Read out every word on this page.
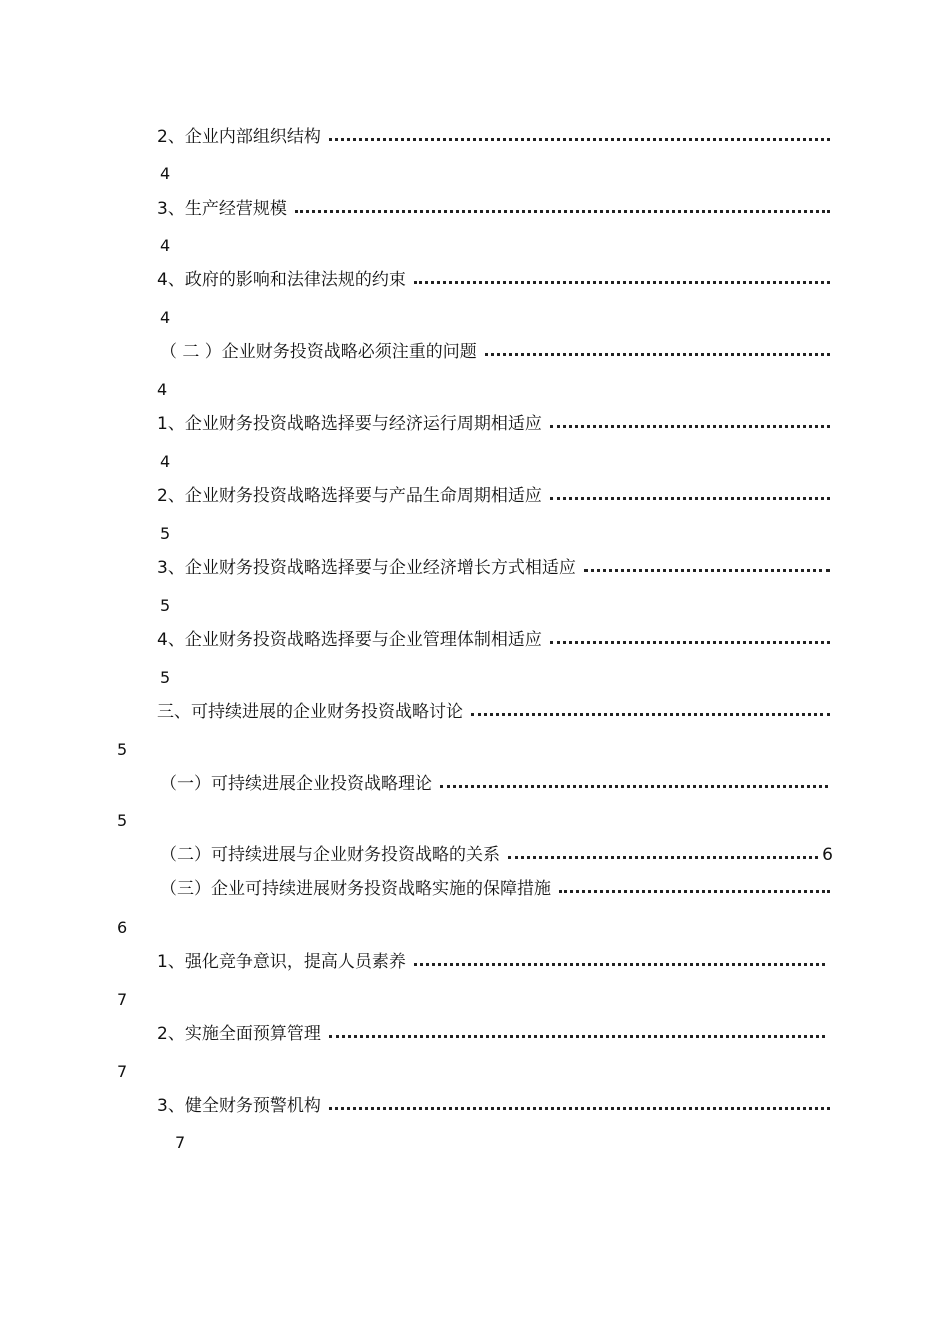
2、企业内部组织结构
4
3、生产经营规模
4
4、政府的影响和法律法规的约束
4
（ 二 ）企业财务投资战略必须注重的问题
4
1、企业财务投资战略选择要与经济运行周期相适应
4
2、企业财务投资战略选择要与产品生命周期相适应
5
3、企业财务投资战略选择要与企业经济增长方式相适应
5
4、企业财务投资战略选择要与企业管理体制相适应
5
三、可持续进展的企业财务投资战略讨论
5
（一）可持续进展企业投资战略理论
5
（二）可持续进展与企业财务投资战略的关系	6
（三）企业可持续进展财务投资战略实施的保障措施
6
1、强化竞争意识，提高人员素养
7
2、实施全面预算管理
7
3、健全财务预警机构
7
